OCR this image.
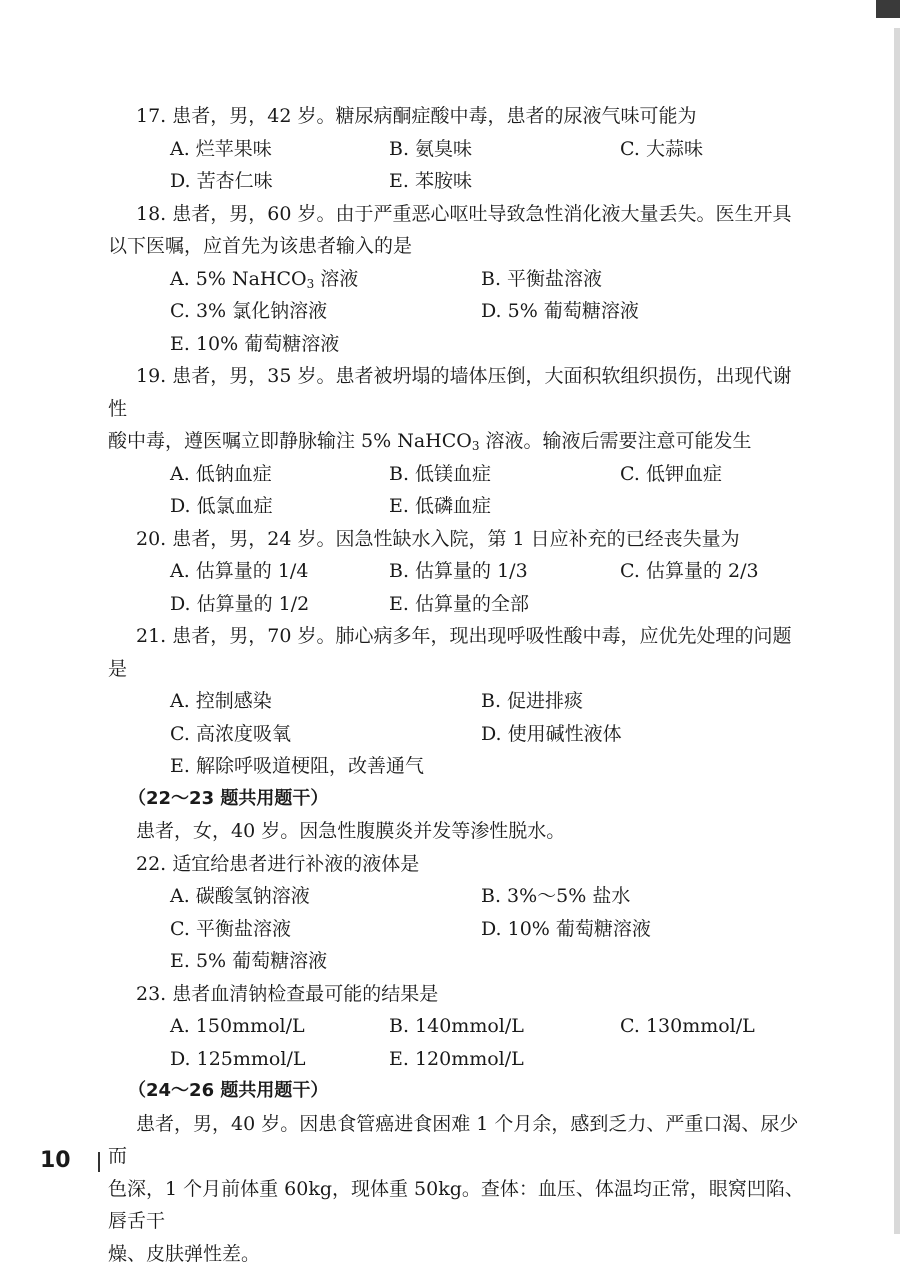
17. 患者，男，42 岁。糖尿病酮症酸中毒，患者的尿液气味可能为

A. 烂苹果味	B. 氨臭味	C. 大蒜味
D. 苦杏仁味	E. 苯胺味

18. 患者，男，60 岁。由于严重恶心呕吐导致急性消化液大量丢失。医生开具

以下医嘱，应首先为该患者输入的是

A. 5% NaHCO$_3$ 溶液	B. 平衡盐溶液
C. 3% 氯化钠溶液	D. 5% 葡萄糖溶液
E. 10% 葡萄糖溶液

19. 患者，男，35 岁。患者被坍塌的墙体压倒，大面积软组织损伤，出现代谢性

酸中毒，遵医嘱立即静脉输注 5% NaHCO$_3$ 溶液。输液后需要注意可能发生

A. 低钠血症	B. 低镁血症	C. 低钾血症
D. 低氯血症	E. 低磷血症

20. 患者，男，24 岁。因急性缺水入院，第 1 日应补充的已经丧失量为

A. 估算量的 1/4	B. 估算量的 1/3	C. 估算量的 2/3
D. 估算量的 1/2	E. 估算量的全部

21. 患者，男，70 岁。肺心病多年，现出现呼吸性酸中毒，应优先处理的问题是

A. 控制感染	B. 促进排痰
C. 高浓度吸氧	D. 使用碱性液体
E. 解除呼吸道梗阻，改善通气

（22～23 题共用题干）

患者，女，40 岁。因急性腹膜炎并发等渗性脱水。

22. 适宜给患者进行补液的液体是

A. 碳酸氢钠溶液	B. 3%～5% 盐水
C. 平衡盐溶液	D. 10% 葡萄糖溶液
E. 5% 葡萄糖溶液

23. 患者血清钠检查最可能的结果是

A. 150mmol/L	B. 140mmol/L	C. 130mmol/L
D. 125mmol/L	E. 120mmol/L

（24～26 题共用题干）

患者，男，40 岁。因患食管癌进食困难 1 个月余，感到乏力、严重口渴、尿少而

色深，1 个月前体重 60kg，现体重 50kg。查体：血压、体温均正常，眼窝凹陷、唇舌干

燥、皮肤弹性差。

10
